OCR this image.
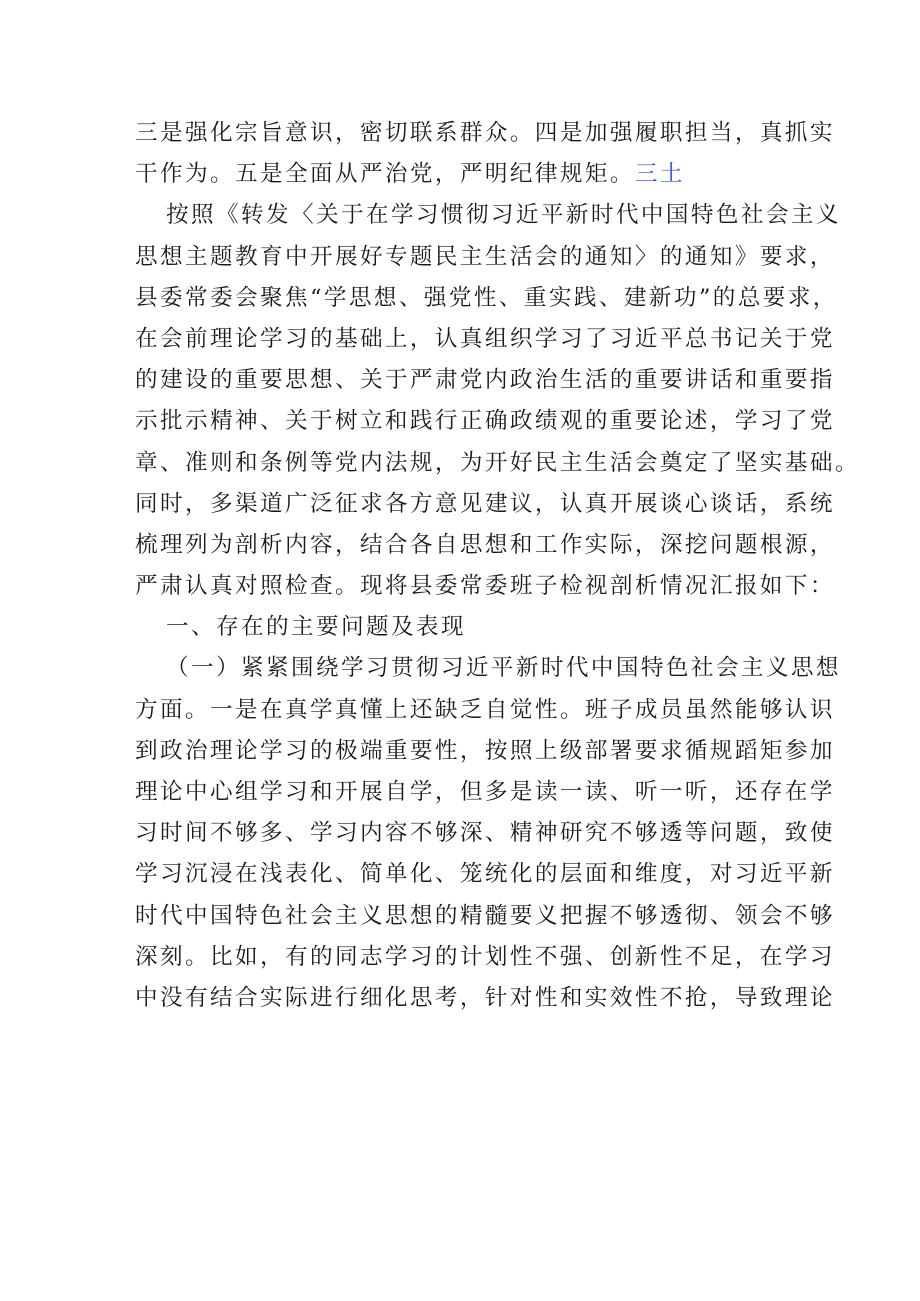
三是强化宗旨意识，密切联系群众。四是加强履职担当，真抓实
干作为。五是全面从严治党，严明纪律规矩。三土
按照《转发〈关于在学习惯彻习近平新时代中国特色社会主义
思想主题教育中开展好专题民主生活会的通知〉的通知》要求，
县委常委会聚焦“学思想、强党性、重实践、建新功”的总要求，
在会前理论学习的基础上，认真组织学习了习近平总书记关于党
的建设的重要思想、关于严肃党内政治生活的重要讲话和重要指
示批示精神、关于树立和践行正确政绩观的重要论述，学习了党
章、准则和条例等党内法规，为开好民主生活会奠定了坚实基础。
同时，多渠道广泛征求各方意见建议，认真开展谈心谈话，系统
梳理列为剖析内容，结合各自思想和工作实际，深挖问题根源，
严肃认真对照检查。现将县委常委班子检视剖析情况汇报如下：
一、存在的主要问题及表现
（一）紧紧围绕学习贯彻习近平新时代中国特色社会主义思想
方面。一是在真学真懂上还缺乏自觉性。班子成员虽然能够认识
到政治理论学习的极端重要性，按照上级部署要求循规蹈矩参加
理论中心组学习和开展自学，但多是读一读、听一听，还存在学
习时间不够多、学习内容不够深、精神研究不够透等问题，致使
学习沉浸在浅表化、简单化、笼统化的层面和维度，对习近平新
时代中国特色社会主义思想的精髓要义把握不够透彻、领会不够
深刻。比如，有的同志学习的计划性不强、创新性不足，在学习
中没有结合实际进行细化思考，针对性和实效性不抢，导致理论
